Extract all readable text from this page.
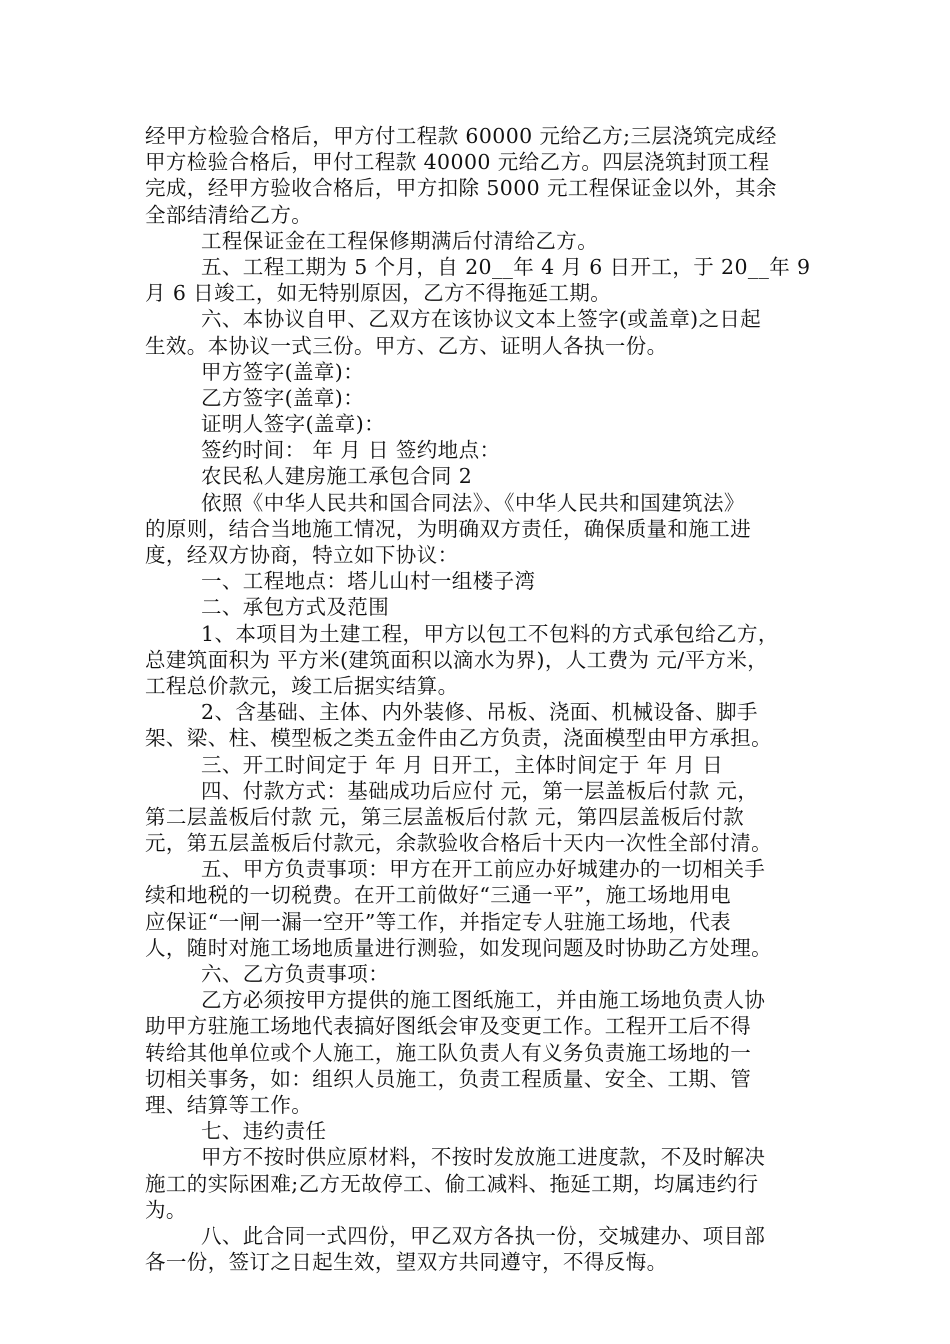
经甲方检验合格后，甲方付工程款 60000 元给乙方;三层浇筑完成经
甲方检验合格后，甲付工程款 40000 元给乙方。四层浇筑封顶工程
完成，经甲方验收合格后，甲方扣除 5000 元工程保证金以外，其余
全部结清给乙方。
工程保证金在工程保修期满后付清给乙方。
五、工程工期为 5 个月，自 20__年 4 月 6 日开工，于 20__年 9
月 6 日竣工，如无特别原因，乙方不得拖延工期。
六、本协议自甲、乙双方在该协议文本上签字(或盖章)之日起
生效。本协议一式三份。甲方、乙方、证明人各执一份。
甲方签字(盖章)：
乙方签字(盖章)：
证明人签字(盖章)：
签约时间： 年 月 日 签约地点：
农民私人建房施工承包合同 2
依照《中华人民共和国合同法》、《中华人民共和国建筑法》
的原则，结合当地施工情况，为明确双方责任，确保质量和施工进
度，经双方协商，特立如下协议：
一、工程地点：塔儿山村一组楼子湾
二、承包方式及范围
1、本项目为土建工程，甲方以包工不包料的方式承包给乙方，
总建筑面积为 平方米(建筑面积以滴水为界)，人工费为 元/平方米，
工程总价款元，竣工后据实结算。
2、含基础、主体、内外装修、吊板、浇面、机械设备、脚手
架、梁、柱、模型板之类五金件由乙方负责，浇面模型由甲方承担。
三、开工时间定于 年 月 日开工，主体时间定于 年 月 日
四、付款方式：基础成功后应付 元，第一层盖板后付款 元，
第二层盖板后付款 元，第三层盖板后付款 元，第四层盖板后付款
元，第五层盖板后付款元，余款验收合格后十天内一次性全部付清。
五、甲方负责事项：甲方在开工前应办好城建办的一切相关手
续和地税的一切税费。在开工前做好“三通一平”，施工场地用电
应保证“一闸一漏一空开”等工作，并指定专人驻施工场地，代表
人，随时对施工场地质量进行测验，如发现问题及时协助乙方处理。
六、乙方负责事项：
乙方必须按甲方提供的施工图纸施工，并由施工场地负责人协
助甲方驻施工场地代表搞好图纸会审及变更工作。工程开工后不得
转给其他单位或个人施工，施工队负责人有义务负责施工场地的一
切相关事务，如：组织人员施工，负责工程质量、安全、工期、管
理、结算等工作。
七、违约责任
甲方不按时供应原材料，不按时发放施工进度款，不及时解决
施工的实际困难;乙方无故停工、偷工减料、拖延工期，均属违约行
为。
八、此合同一式四份，甲乙双方各执一份，交城建办、项目部
各一份，签订之日起生效，望双方共同遵守，不得反悔。
